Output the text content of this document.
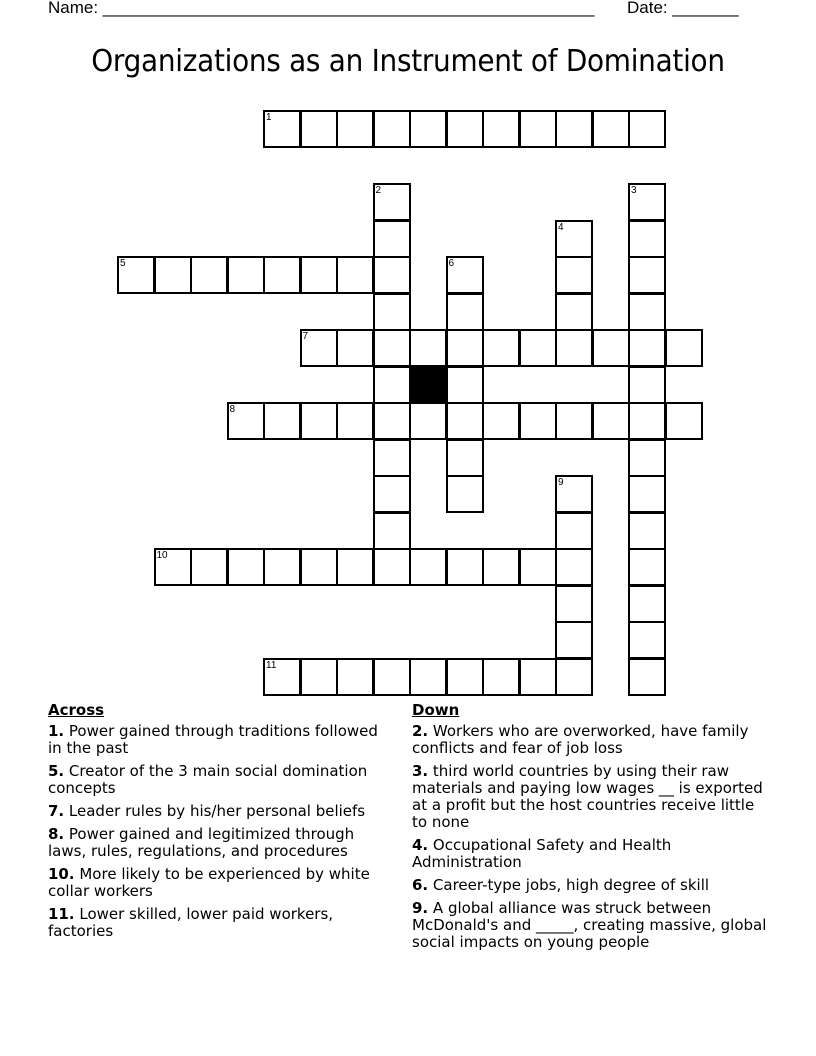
Name: ____________________________________________________ Date: _______
Organizations as an Instrument of Domination
1
2	3
4
5	6
7
8
9
10
11
Across
1. Power gained through traditions followed in the past
5. Creator of the 3 main social domination concepts
7. Leader rules by his/her personal beliefs
8. Power gained and legitimized through laws, rules, regulations, and procedures
10. More likely to be experienced by white collar workers
11. Lower skilled, lower paid workers, factories
Down
2. Workers who are overworked, have family conflicts and fear of job loss
3. third world countries by using their raw materials and paying low wages __ is exported at a profit but the host countries receive little to none
4. Occupational Safety and Health Administration
6. Career-type jobs, high degree of skill
9. A global alliance was struck between McDonald's and _____, creating massive, global social impacts on young people
